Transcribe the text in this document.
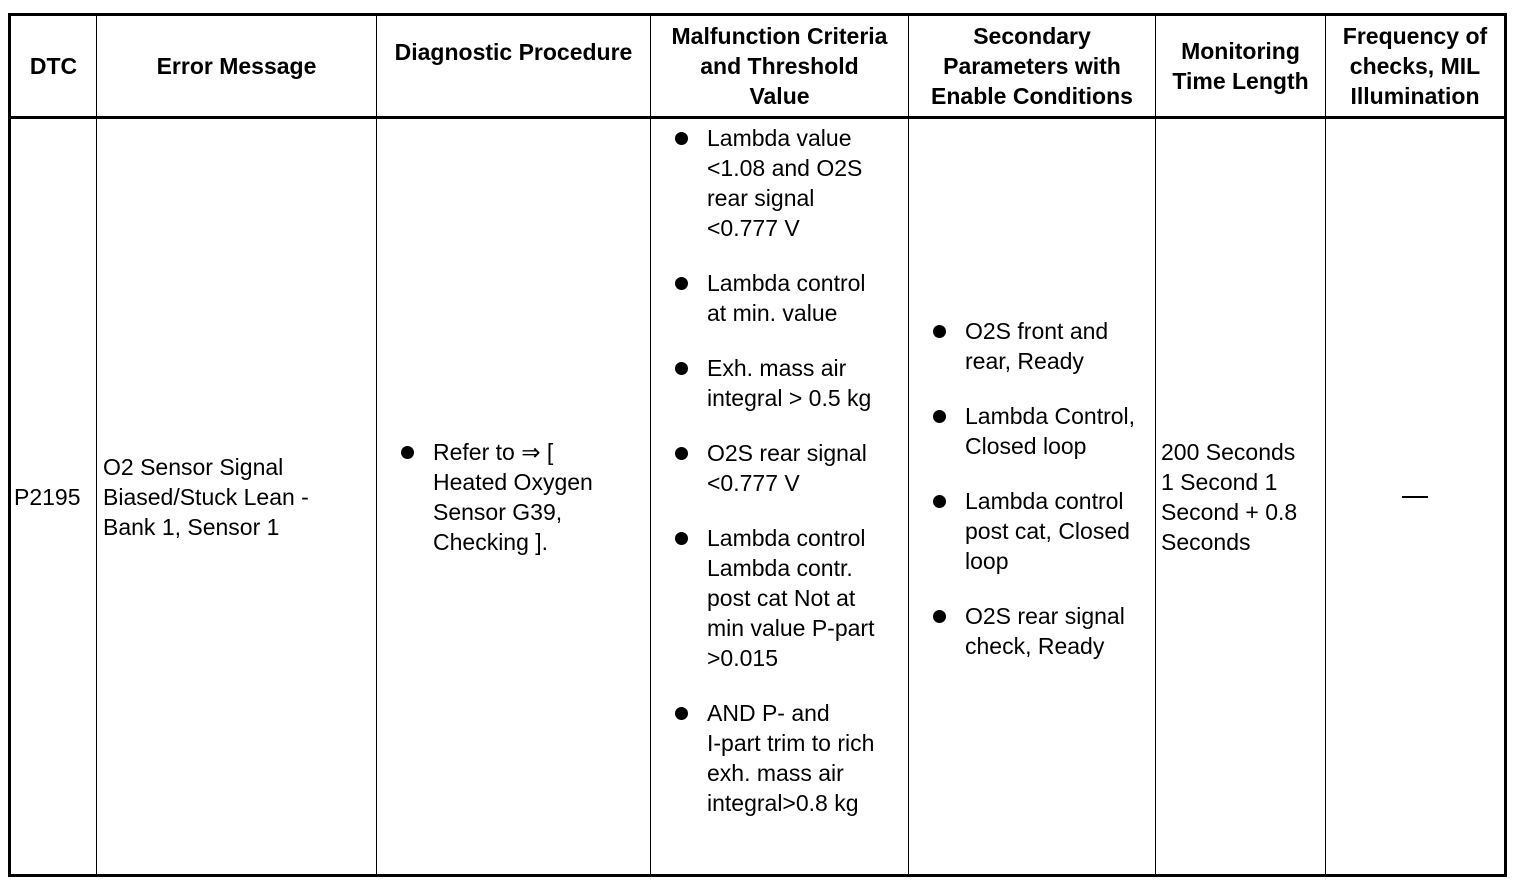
DTC	Error Message
Diagnostic Procedure
Malfunction Criteria
and Threshold
Value
Secondary
Parameters with
Enable Conditions
Monitoring
Time Length
Frequency of
checks, MIL
Illumination
P2195
O2 Sensor Signal
Biased/Stuck Lean -
Bank 1, Sensor 1
Refer to ⇒ [
Heated Oxygen
Sensor G39,
Checking ].
Lambda value
<1.08 and O2S
rear signal
<0.777 V
Lambda control
at min. value
Exh. mass air
integral > 0.5 kg
O2S rear signal
<0.777 V
Lambda control
Lambda contr.
post cat Not at
min value P-part
>0.015
AND P- and
I-part trim to rich
exh. mass air
integral>0.8 kg
O2S front and
rear, Ready
Lambda Control,
Closed loop
Lambda control
post cat, Closed
loop
O2S rear signal
check, Ready
200 Seconds
1 Second 1
Second + 0.8
Seconds
